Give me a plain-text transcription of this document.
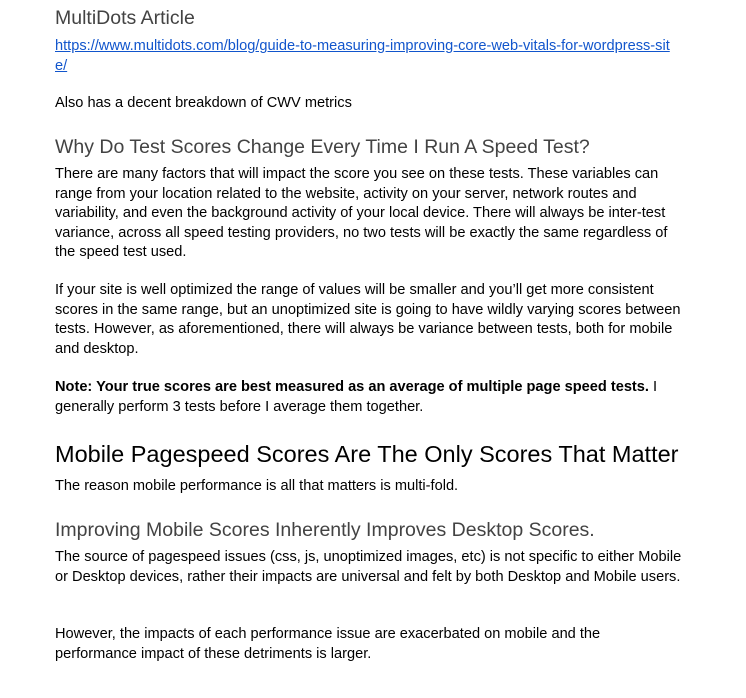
MultiDots Article
https://www.multidots.com/blog/guide-to-measuring-improving-core-web-vitals-for-wordpress-site/

Also has a decent breakdown of CWV metrics

Why Do Test Scores Change Every Time I Run A Speed Test?

There are many factors that will impact the score you see on these tests. These variables can range from your location related to the website, activity on your server, network routes and variability, and even the background activity of your local device. There will always be inter-test variance, across all speed testing providers, no two tests will be exactly the same regardless of the speed test used.

If your site is well optimized the range of values will be smaller and you’ll get more consistent scores in the same range, but an unoptimized site is going to have wildly varying scores between tests. However, as aforementioned, there will always be variance between tests, both for mobile and desktop.

Note: Your true scores are best measured as an average of multiple page speed tests. I generally perform 3 tests before I average them together.

Mobile Pagespeed Scores Are The Only Scores That Matter

The reason mobile performance is all that matters is multi-fold.

Improving Mobile Scores Inherently Improves Desktop Scores.

The source of pagespeed issues (css, js, unoptimized images, etc) is not specific to either Mobile or Desktop devices, rather their impacts are universal and felt by both Desktop and Mobile users.

However, the impacts of each performance issue are exacerbated on mobile and the performance impact of these detriments is larger.
